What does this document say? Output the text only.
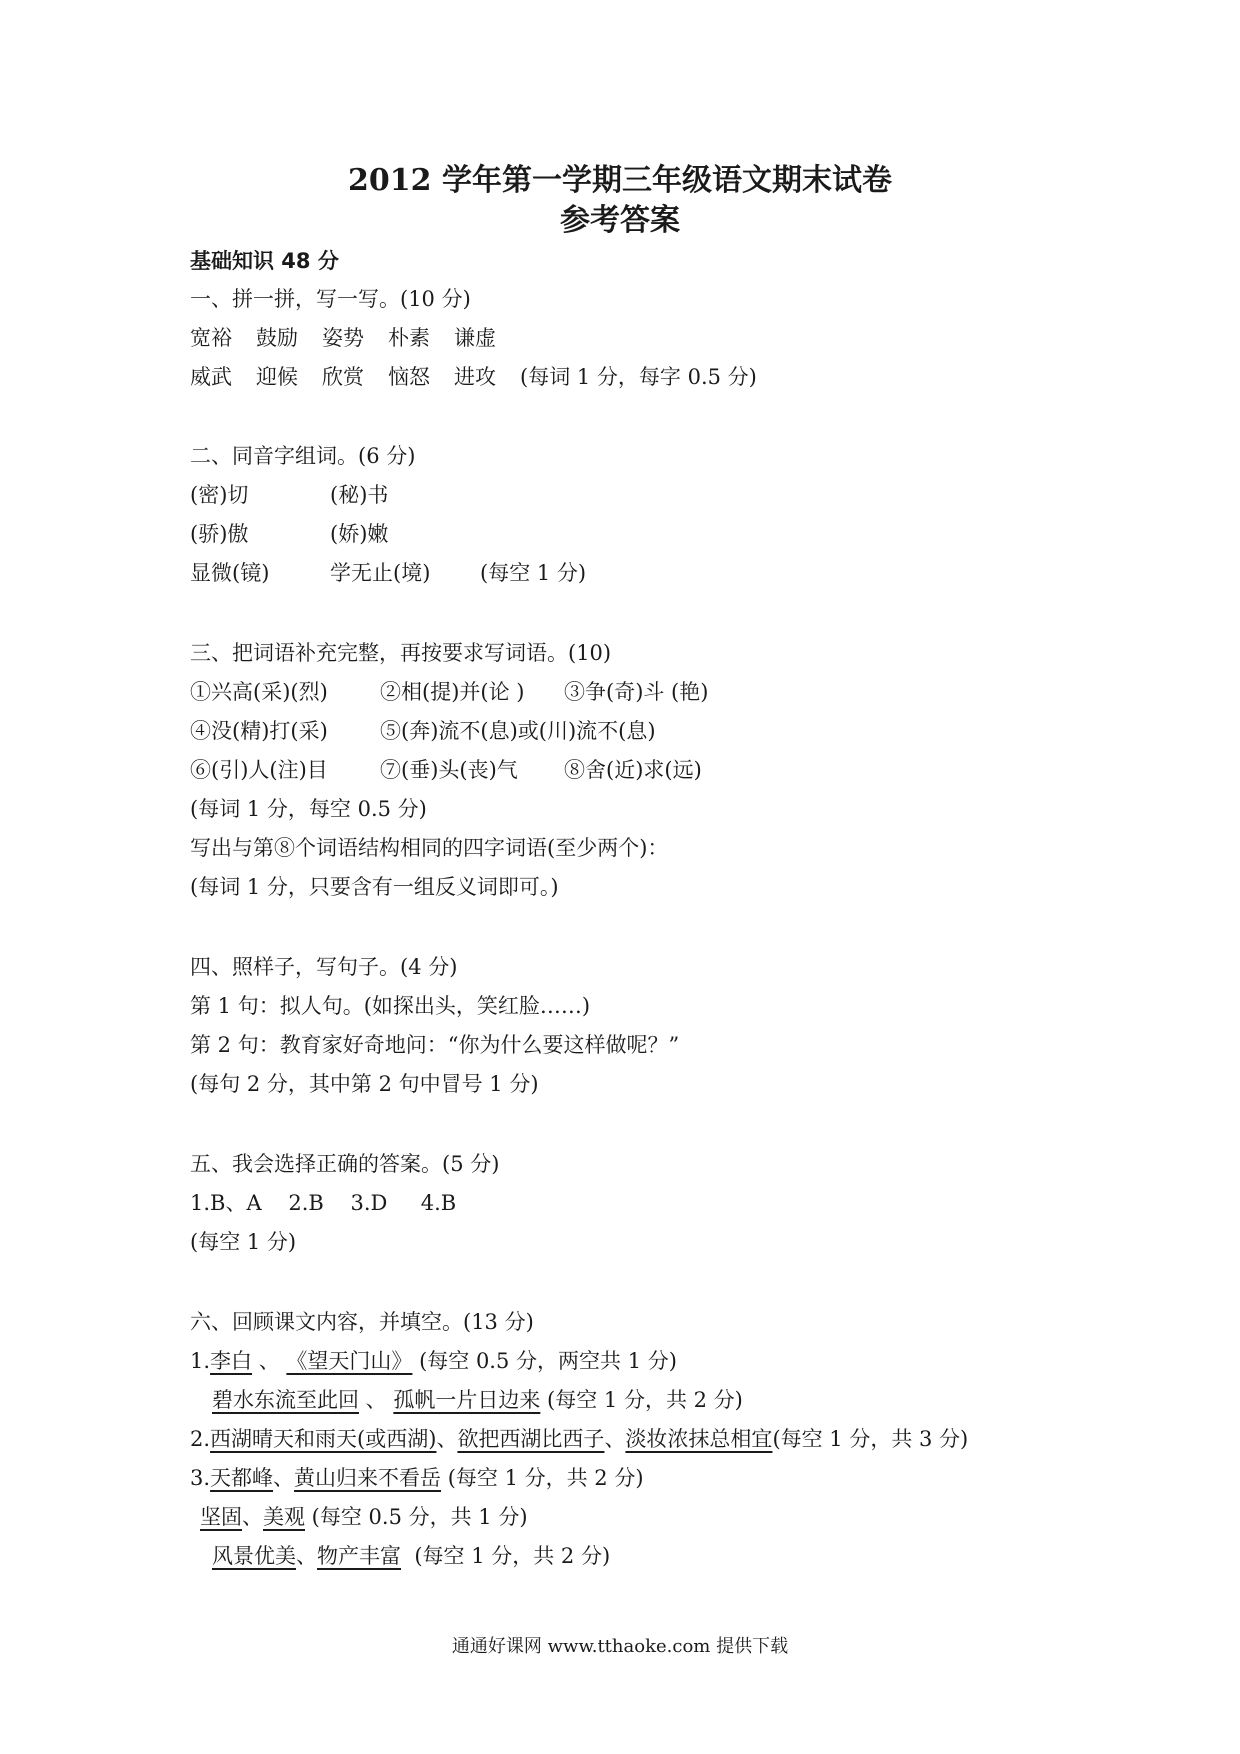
2012 学年第一学期三年级语文期末试卷
参考答案
基础知识 48 分
一、拼一拼，写一写。(10 分)
宽裕 鼓励 姿势 朴素 谦虚
威武 迎候 欣赏 恼怒 进攻 (每词 1 分，每字 0.5 分)
二、同音字组词。(6 分)
(密)切	(秘)书
(骄)傲	(娇)嫩
显微(镜)	学无止(境) (每空 1 分)
三、把词语补充完整，再按要求写词语。(10)
①兴高(采)(烈) ②相(提)并(论 ) ③争(奇)斗 (艳)
④没(精)打(采) ⑤(奔)流不(息)或(川)流不(息)
⑥(引)人(注)目 ⑦(垂)头(丧)气 ⑧舍(近)求(远)
(每词 1 分，每空 0.5 分)
写出与第⑧个词语结构相同的四字词语(至少两个)：
(每词 1 分，只要含有一组反义词即可。)
四、照样子，写句子。(4 分)
第 1 句：拟人句。(如探出头，笑红脸……)
第 2 句：教育家好奇地问：“你为什么要这样做呢？”
(每句 2 分，其中第 2 句中冒号 1 分)
五、我会选择正确的答案。(5 分)
1.B、A    2.B    3.D     4.B
(每空 1 分)
六、回顾课文内容，并填空。(13 分)
1.李白 、 《望天门山》 (每空 0.5 分，两空共 1 分)
碧水东流至此回 、 孤帆一片日边来 (每空 1 分，共 2 分)
2.西湖晴天和雨天(或西湖)、欲把西湖比西子、淡妆浓抹总相宜(每空 1 分，共 3 分)
3.天都峰、黄山归来不看岳 (每空 1 分，共 2 分)
坚固、美观 (每空 0.5 分，共 1 分)
风景优美、物产丰富  (每空 1 分，共 2 分)
通通好课网 www.tthaoke.com 提供下载
